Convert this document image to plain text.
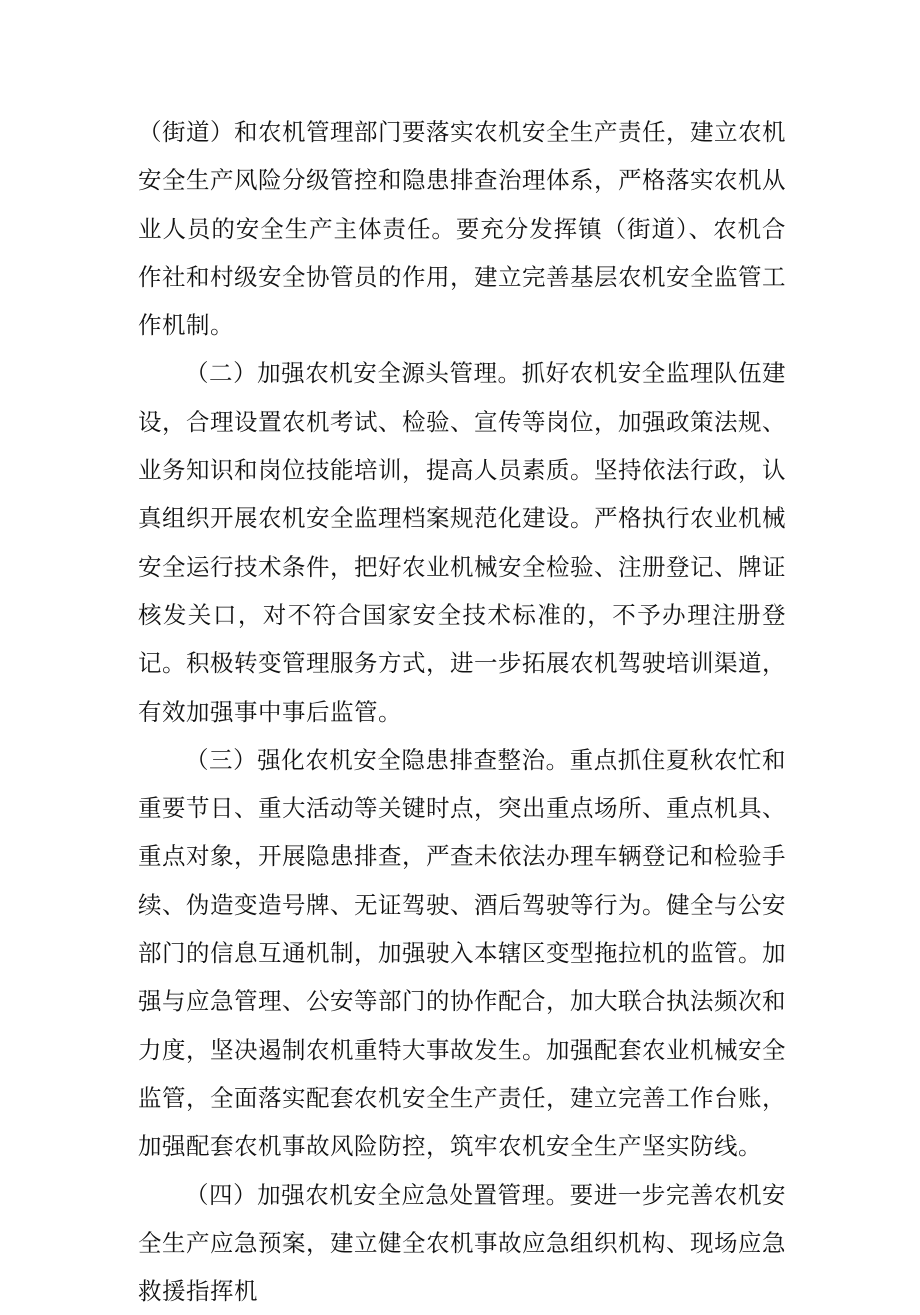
（街道）和农机管理部门要落实农机安全生产责任，建立农机安全生产风险分级管控和隐患排查治理体系，严格落实农机从业人员的安全生产主体责任。要充分发挥镇（街道）、农机合作社和村级安全协管员的作用，建立完善基层农机安全监管工作机制。

（二）加强农机安全源头管理。抓好农机安全监理队伍建设，合理设置农机考试、检验、宣传等岗位，加强政策法规、业务知识和岗位技能培训，提高人员素质。坚持依法行政，认真组织开展农机安全监理档案规范化建设。严格执行农业机械安全运行技术条件，把好农业机械安全检验、注册登记、牌证核发关口，对不符合国家安全技术标准的，不予办理注册登记。积极转变管理服务方式，进一步拓展农机驾驶培训渠道，有效加强事中事后监管。

（三）强化农机安全隐患排查整治。重点抓住夏秋农忙和重要节日、重大活动等关键时点，突出重点场所、重点机具、重点对象，开展隐患排查，严查未依法办理车辆登记和检验手续、伪造变造号牌、无证驾驶、酒后驾驶等行为。健全与公安部门的信息互通机制，加强驶入本辖区变型拖拉机的监管。加强与应急管理、公安等部门的协作配合，加大联合执法频次和力度，坚决遏制农机重特大事故发生。加强配套农业机械安全监管，全面落实配套农机安全生产责任，建立完善工作台账，加强配套农机事故风险防控，筑牢农机安全生产坚实防线。

（四）加强农机安全应急处置管理。要进一步完善农机安全生产应急预案，建立健全农机事故应急组织机构、现场应急救援指挥机
